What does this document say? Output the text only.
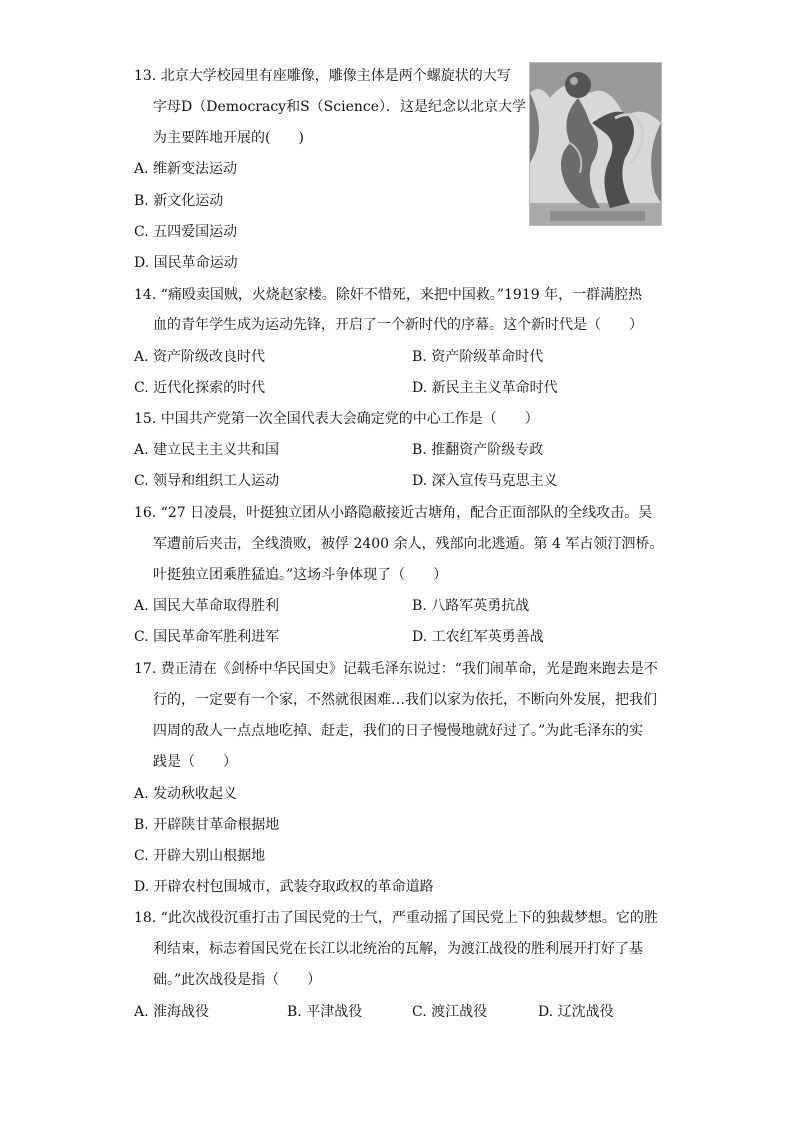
13. 北京大学校园里有座雕像，雕像主体是两个螺旋状的大写
字母D（Democracy和S（Science）．这是纪念以北京大学
为主要阵地开展的(　　)
A. 维新变法运动
B. 新文化运动
C. 五四爱国运动
D. 国民革命运动
14. “痛殴卖国贼，火烧赵家楼。除奸不惜死，来把中国救。”1919 年，一群满腔热
血的青年学生成为运动先锋，开启了一个新时代的序幕。这个新时代是（　　）
A. 资产阶级改良时代	B. 资产阶级革命时代
C. 近代化探索的时代	D. 新民主主义革命时代
15. 中国共产党第一次全国代表大会确定党的中心工作是（　　）
A. 建立民主主义共和国	B. 推翻资产阶级专政
C. 领导和组织工人运动	D. 深入宣传马克思主义
16. “27 日凌晨，叶挺独立团从小路隐蔽接近古塘角，配合正面部队的全线攻击。吴
军遭前后夹击，全线溃败，被俘 2400 余人，残部向北逃遁。第 4 军占领汀泗桥。
叶挺独立团乘胜猛追。”这场斗争体现了（　　）
A. 国民大革命取得胜利	B. 八路军英勇抗战
C. 国民革命军胜利进军	D. 工农红军英勇善战
17. 费正清在《剑桥中华民国史》记载毛泽东说过：“我们闹革命，光是跑来跑去是不
行的，一定要有一个家，不然就很困难…我们以家为依托，不断向外发展，把我们
四周的敌人一点点地吃掉、赶走，我们的日子慢慢地就好过了。”为此毛泽东的实
践是（　　）
A. 发动秋收起义
B. 开辟陕甘革命根据地
C. 开辟大别山根据地
D. 开辟农村包围城市，武装夺取政权的革命道路
18. “此次战役沉重打击了国民党的士气，严重动摇了国民党上下的独裁梦想。它的胜
利结束，标志着国民党在长江以北统治的瓦解，为渡江战役的胜利展开打好了基
础。”此次战役是指（　　）
A. 淮海战役	B. 平津战役	C. 渡江战役	D. 辽沈战役
